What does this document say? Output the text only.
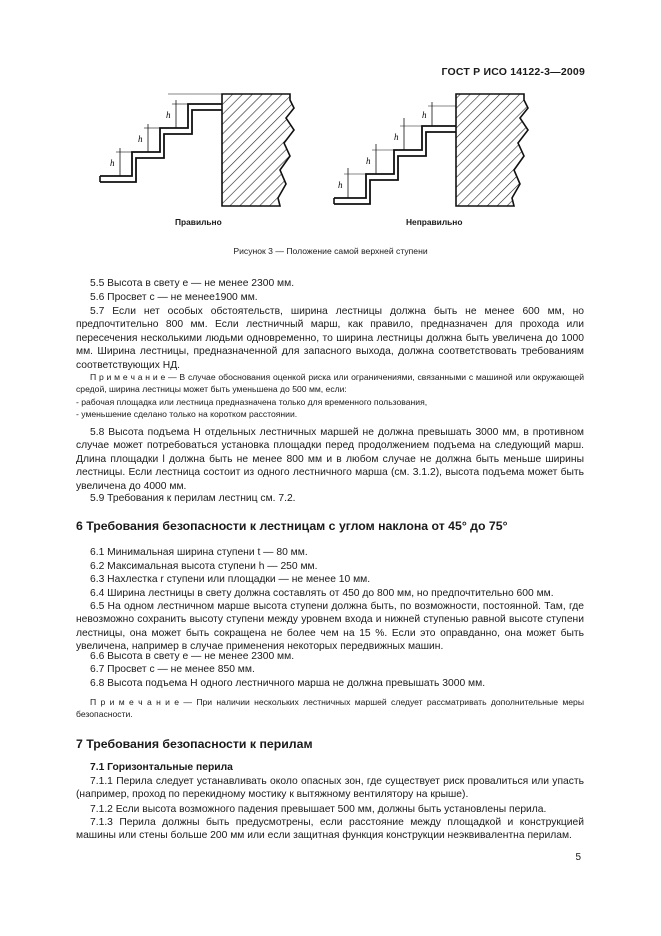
ГОСТ Р ИСО 14122-3—2009
h
h
h
h
h
h
h
Правильно	Неправильно
Рисунок 3 — Положение самой верхней ступени

5.5 Высота в свету e — не менее 2300 мм.

5.6 Просвет c — не менее1900 мм.

5.7 Если нет особых обстоятельств, ширина лестницы должна быть не менее 600 мм, но предпочтительно 800 мм. Если лестничный марш, как правило, предназначен для прохода или пересечения несколькими людьми одновременно, то ширина лестницы должна быть увеличена до 1000 мм. Ширина лестницы, предназначенной для запасного выхода, должна соответствовать требованиям соответствующих НД.

П р и м е ч а н и е — В случае обоснования оценкой риска или ограничениями, связанными с машиной или окружающей средой, ширина лестницы может быть уменьшена до 500 мм, если:

- рабочая площадка или лестница предназначена только для временного пользования,

- уменьшение сделано только на коротком расстоянии.

5.8 Высота подъема H отдельных лестничных маршей не должна превышать 3000 мм, в противном случае может потребоваться установка площадки перед продолжением подъема на следующий марш. Длина площадки l должна быть не менее 800 мм и в любом случае не должна быть меньше ширины лестницы. Если лестница состоит из одного лестничного марша (см. 3.1.2), высота подъема может быть увеличена до 4000 мм.

5.9 Требования к перилам лестниц см. 7.2.

6 Требования безопасности к лестницам с углом наклона от 45° до 75°

6.1 Минимальная ширина ступени t — 80 мм.

6.2 Максимальная высота ступени h — 250 мм.

6.3 Нахлестка r ступени или площадки — не менее 10 мм.

6.4 Ширина лестницы в свету должна составлять от 450 до 800 мм, но предпочтительно 600 мм.

6.5 На одном лестничном марше высота ступени должна быть, по возможности, постоянной. Там, где невозможно сохранить высоту ступени между уровнем входа и нижней ступенью равной высоте ступени лестницы, она может быть сокращена не более чем на 15 %. Если это оправданно, она может быть увеличена, например в случае применения некоторых передвижных машин.

6.6 Высота в свету e — не менее 2300 мм.

6.7 Просвет c — не менее 850 мм.

6.8 Высота подъема H одного лестничного марша не должна превышать 3000 мм.

П р и м е ч а н и е — При наличии нескольких лестничных маршей следует рассматривать дополнительные меры безопасности.

7 Требования безопасности к перилам
7.1 Горизонтальные перила

7.1.1 Перила следует устанавливать около опасных зон, где существует риск провалиться или упасть (например, проход по перекидному мостику к вытяжному вентилятору на крыше).

7.1.2 Если высота возможного падения превышает 500 мм, должны быть установлены перила.

7.1.3 Перила должны быть предусмотрены, если расстояние между площадкой и конструкцией машины или стены больше 200 мм или если защитная функция конструкции неэквивалентна перилам.

5
